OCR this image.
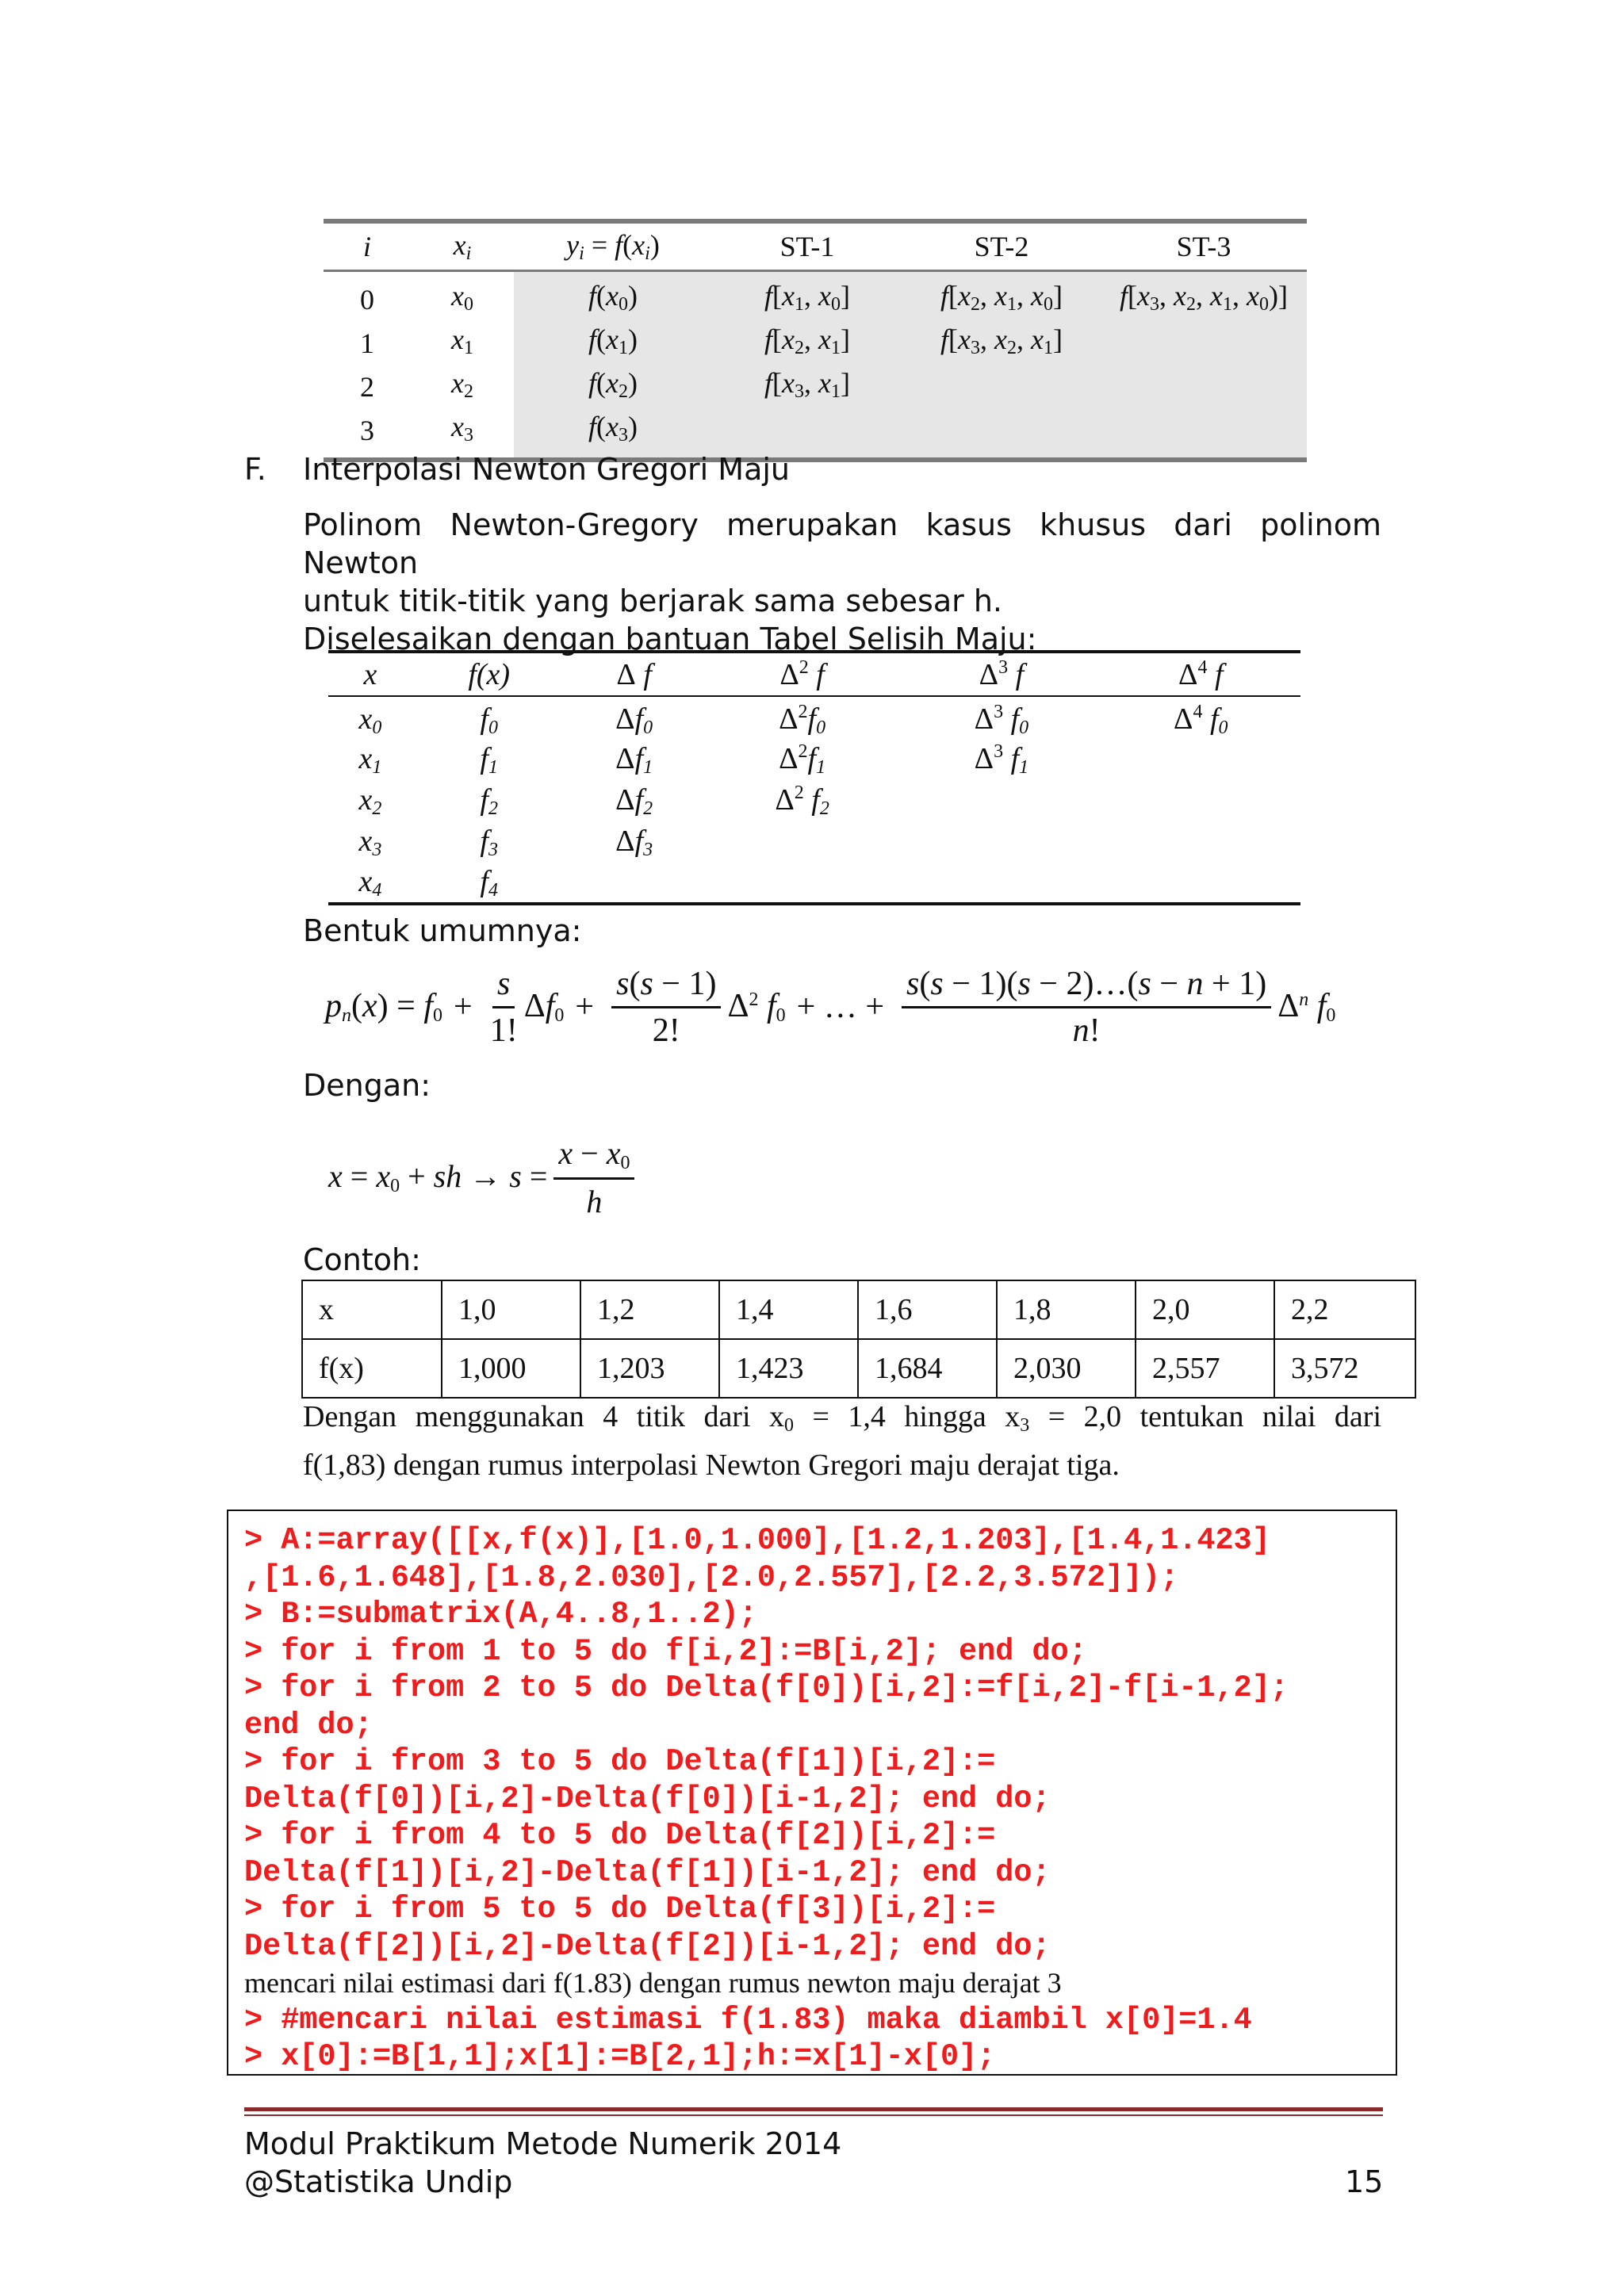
i	$x_i$	$y_i = f(x_i)$	ST-1	ST-2	ST-3
0	$x_0$	$f(x_0)$	$f[x_1$, $x_0$]	$f[x_2$, $x_1$, $x_0$]	$f[x_3$, $x_2$, $x_1$, $x_0$)]
1	$x_1$	$f(x_1)$	$f[x_2$, $x_1$]	$f[x_3$, $x_2$, $x_1$]	
2	$x_2$	$f(x_2)$	$f[x_3$, $x_1$]		
3	$x_3$	$f(x_3)$			
F. Interpolasi Newton Gregori Maju
Polinom Newton-Gregory merupakan kasus khusus dari polinom Newton
untuk titik-titik yang berjarak sama sebesar h.
Diselesaikan dengan bantuan Tabel Selisih Maju:
x	f(x)	Δ f	$\Delta^2$ f	$\Delta^3$ f	$\Delta^4$ f
$x_0$	$f_0$	$\Delta f_0$	$\Delta^2f_0$	$\Delta^3$ $f_0$	$\Delta^4$ $f_0$
$x_1$	$f_1$	$\Delta f_1$	$\Delta^2f_1$	$\Delta^3$ $f_1$	
$x_2$	$f_2$	$\Delta f_2$	$\Delta^2$ $f_2$		
$x_3$	$f_3$	$\Delta f_3$			
$x_4$	$f_4$				
Bentuk umumnya:
$p_n(x) = f_0 + \frac{s}{1!} \Delta f_0 + \frac{s(s - 1)}{2!} \Delta^2$ $f_0$ + … + $\frac{s(s - 1)(s - 2)\dots(s - n + 1)}{n!} \Delta^n$ $f_0$
Dengan:
$x = x_0$ + sh → $s = \frac{x - x_0}{h}$
Contoh:
x	1,0	1,2	1,4	1,6	1,8	2,0	2,2
f(x)	1,000	1,203	1,423	1,684	2,030	2,557	3,572
Dengan menggunakan 4 titik dari $x_0 = 1,4$ hingga $x_3 = 2,0$ tentukan nilai dari
f(1,83) dengan rumus interpolasi Newton Gregori maju derajat tiga.
> A:=array([[x,f(x)],[1.0,1.000],[1.2,1.203],[1.4,1.423]
,[1.6,1.648],[1.8,2.030],[2.0,2.557],[2.2,3.572]]);
> B:=submatrix(A,4..8,1..2);
> for i from 1 to 5 do f[i,2]:=B[i,2]; end do;
> for i from 2 to 5 do Delta(f[0])[i,2]:=f[i,2]-f[i-1,2];
end do;
> for i from 3 to 5 do Delta(f[1])[i,2]:=
Delta(f[0])[i,2]-Delta(f[0])[i-1,2]; end do;
> for i from 4 to 5 do Delta(f[2])[i,2]:=
Delta(f[1])[i,2]-Delta(f[1])[i-1,2]; end do;
> for i from 5 to 5 do Delta(f[3])[i,2]:=
Delta(f[2])[i,2]-Delta(f[2])[i-1,2]; end do;
mencari nilai estimasi dari f(1.83) dengan rumus newton maju derajat 3
> #mencari nilai estimasi f(1.83) maka diambil x[0]=1.4
> x[0]:=B[1,1];x[1]:=B[2,1];h:=x[1]-x[0];
Modul Praktikum Metode Numerik 2014
@Statistika Undip	15
